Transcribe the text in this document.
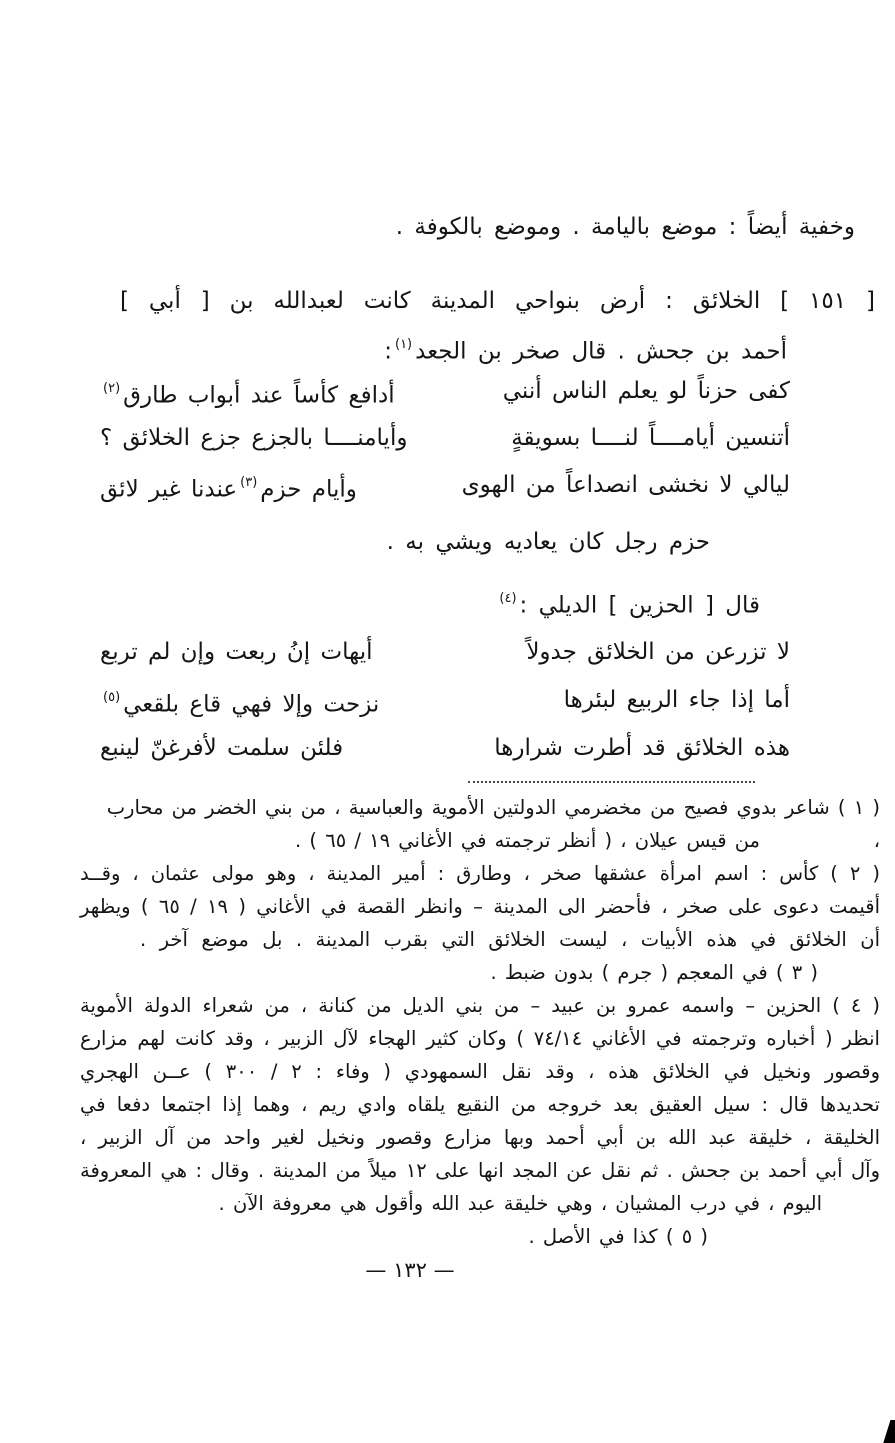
وخفية أيضاً : موضع باليامة . وموضع بالكوفة .
[ ١٥١ ] الخلائق : أرض بنواحي المدينة كانت لعبدالله بن [ أبي ]
أحمد بن جحش . قال صخر بن الجعد$^{(١)}$:
كفى حزناً لو يعلم الناس أنني
أدافع كأساً عند أبواب طارق$^{(٢)}$
أتنسين أيامــــاً لنــــا بسويقةٍ
وأيامنــــا بالجزع جزع الخلائق ؟
ليالي لا نخشى انصداعاً من الهوى
وأيام حزم$^{(٣)}$عندنا غير لائق
حزم رجل كان يعاديه ويشي به .
قال [ الحزين ] الديلي :$^{(٤)}$
لا تزرعن من الخلائق جدولاً
أيهات إنُ ربعت وإن لم تربع
أما إذا جاء الربيع لبئرها
نزحت وإلا فهي قاع بلقعي$^{(٥)}$
هذه الخلائق قد أطرت شرارها
فلئن سلمت لأفرغنّ لينبع
( ١ ) شاعر بدوي فصيح من مخضرمي الدولتين الأموية والعباسية ، من بني الخضر من محارب ،
من قيس عيلان ، ( أنظر ترجمته في الأغاني ١٩ / ٦٥ ) .
( ٢ ) كأس : اسم امرأة عشقها صخر ، وطارق : أمير المدينة ، وهو مولى عثمان ، وقــد
أقيمت دعوى على صخر ، فأحضر الى المدينة – وانظر القصة في الأغاني ( ١٩ / ٦٥ ) ويظهر
أن الخلائق في هذه الأبيات ، ليست الخلائق التي بقرب المدينة . بل موضع آخر .
( ٣ ) في المعجم ( جرم ) بدون ضبط .
( ٤ ) الحزين – واسمه عمرو بن عبيد – من بني الديل من كنانة ، من شعراء الدولة الأموية
انظر ( أخباره وترجمته في الأغاني ٧٤/١٤ ) وكان كثير الهجاء لآل الزبير ، وقد كانت لهم مزارع
وقصور ونخيل في الخلائق هذه ، وقد نقل السمهودي ( وفاء : ٢ / ٣٠٠ ) عــن الهجري
تحديدها قال : سيل العقيق بعد خروجه من النقيع يلقاه وادي ريم ، وهما إذا اجتمعا دفعا في
الخليقة ، خليقة عبد الله بن أبي أحمد وبها مزارع وقصور ونخيل لغير واحد من آل الزبير ،
وآل أبي أحمد بن جحش . ثم نقل عن المجد انها على ١٢ ميلاً من المدينة . وقال : هي المعروفة
اليوم ، في درب المشيان ، وهي خليقة عبد الله وأقول هي معروفة الآن .
( ٥ ) كذا في الأصل .
— ١٣٢ —
